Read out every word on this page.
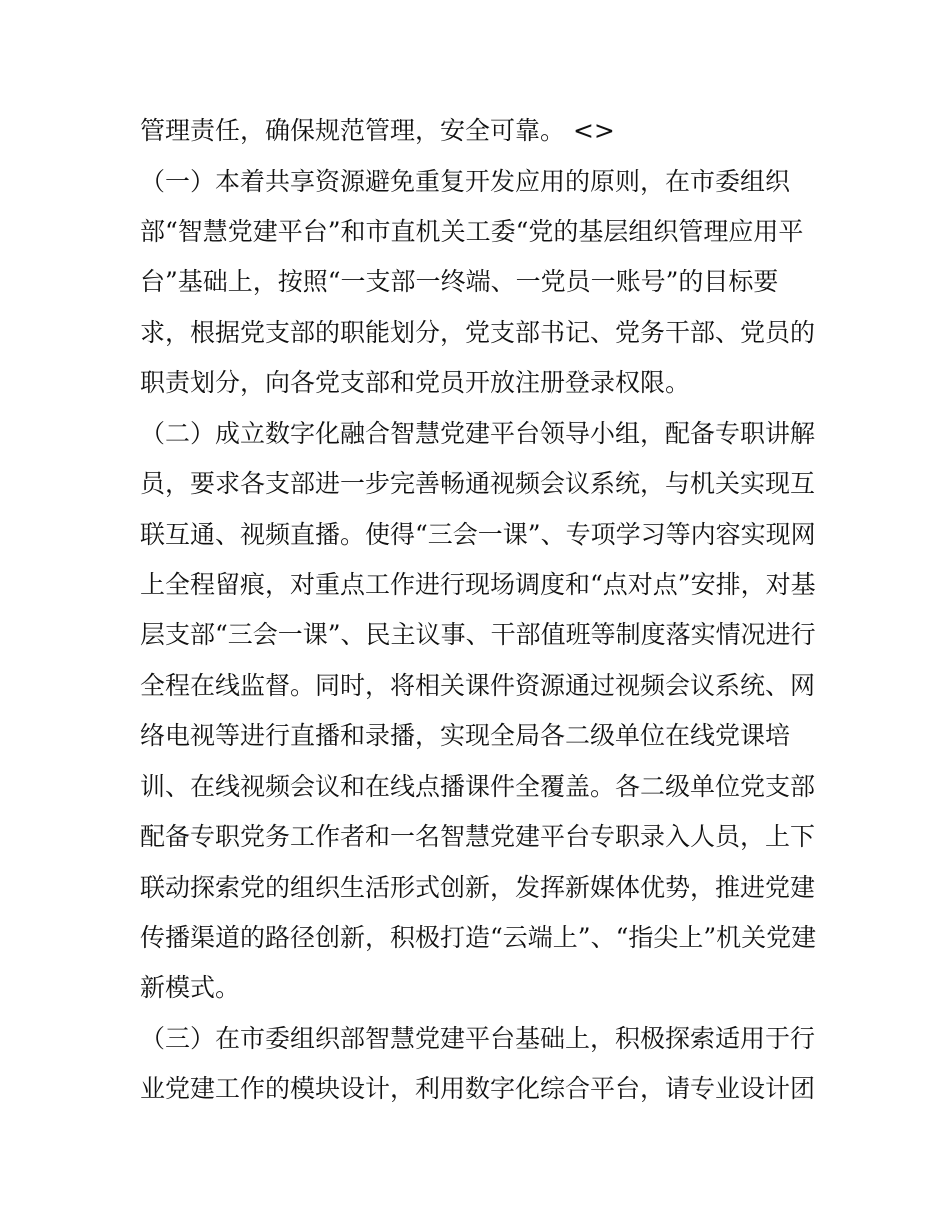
管理责任，确保规范管理，安全可靠。 <>

（一）本着共享资源避免重复开发应用的原则，在市委组织

部“智慧党建平台”和市直机关工委“党的基层组织管理应用平

台”基础上，按照“一支部一终端、一党员一账号”的目标要

求，根据党支部的职能划分，党支部书记、党务干部、党员的

职责划分，向各党支部和党员开放注册登录权限。

（二）成立数字化融合智慧党建平台领导小组，配备专职讲解

员，要求各支部进一步完善畅通视频会议系统，与机关实现互

联互通、视频直播。使得“三会一课”、专项学习等内容实现网

上全程留痕，对重点工作进行现场调度和“点对点”安排，对基

层支部“三会一课”、民主议事、干部值班等制度落实情况进行

全程在线监督。同时，将相关课件资源通过视频会议系统、网

络电视等进行直播和录播，实现全局各二级单位在线党课培

训、在线视频会议和在线点播课件全覆盖。各二级单位党支部

配备专职党务工作者和一名智慧党建平台专职录入人员，上下

联动探索党的组织生活形式创新，发挥新媒体优势，推进党建

传播渠道的路径创新，积极打造“云端上”、“指尖上”机关党建

新模式。

（三）在市委组织部智慧党建平台基础上，积极探索适用于行

业党建工作的模块设计，利用数字化综合平台，请专业设计团
